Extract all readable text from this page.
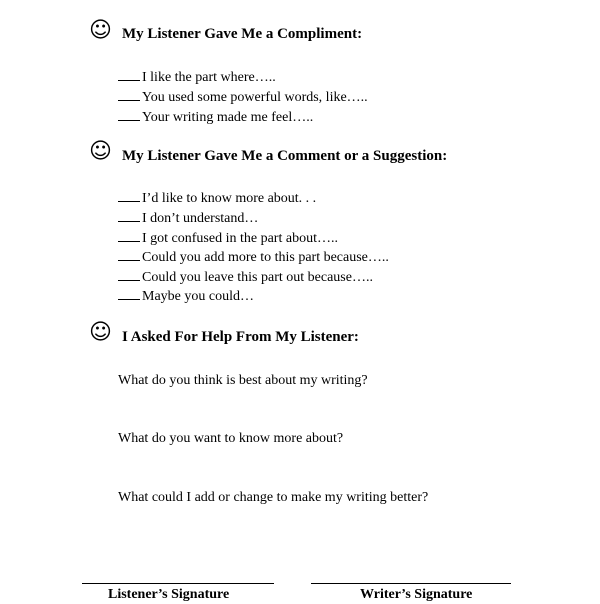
☺ My Listener Gave Me a Compliment:
I like the part where…..
You used some powerful words, like…..
Your writing made me feel…..
☺ My Listener Gave Me a Comment or a Suggestion:
I’d like to know more about. . .
I don’t understand…
I got confused in the part about…..
Could you add more to this part because…..
Could you leave this part out because…..
Maybe you could…
☺ I Asked For Help From My Listener:
What do you think is best about my writing?
What do you want to know more about?
What could I add or change to make my writing better?
Listener’s Signature	Writer’s Signature
